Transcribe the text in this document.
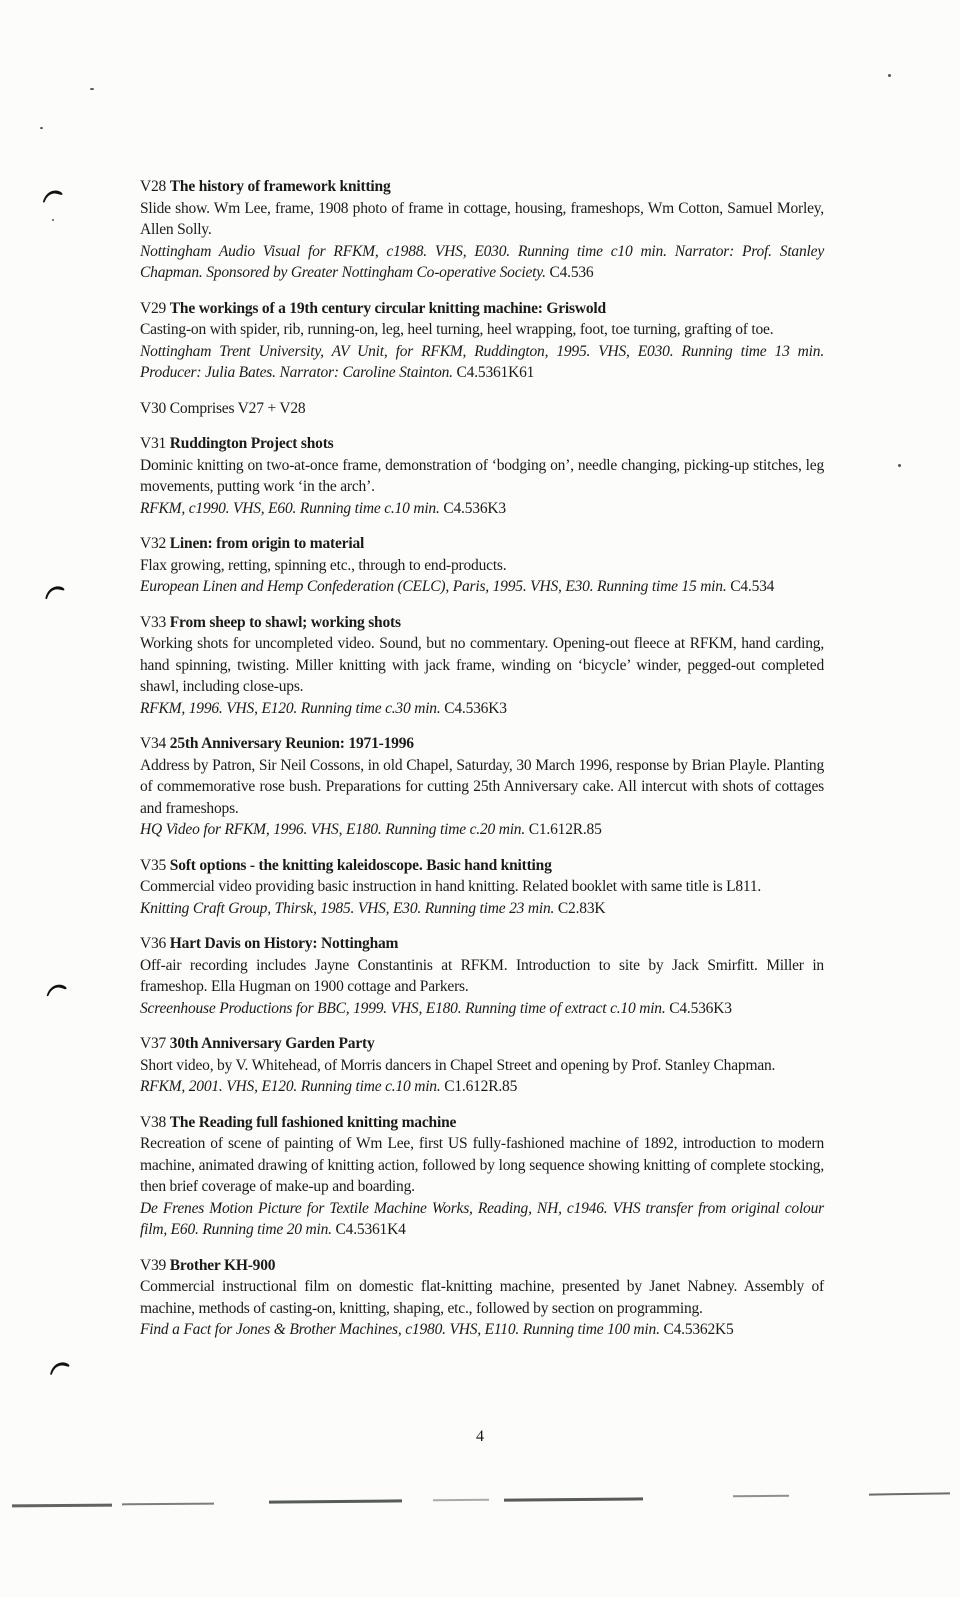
V28 The history of framework knitting
Slide show. Wm Lee, frame, 1908 photo of frame in cottage, housing, frameshops, Wm Cotton, Samuel Morley, Allen Solly.
Nottingham Audio Visual for RFKM, c1988. VHS, E030. Running time c10 min. Narrator: Prof. Stanley Chapman. Sponsored by Greater Nottingham Co-operative Society. C4.536
V29 The workings of a 19th century circular knitting machine: Griswold
Casting-on with spider, rib, running-on, leg, heel turning, heel wrapping, foot, toe turning, grafting of toe.
Nottingham Trent University, AV Unit, for RFKM, Ruddington, 1995. VHS, E030. Running time 13 min. Producer: Julia Bates. Narrator: Caroline Stainton. C4.5361K61
V30 Comprises V27 + V28
V31 Ruddington Project shots
Dominic knitting on two-at-once frame, demonstration of ‘bodging on’, needle changing, picking-up stitches, leg movements, putting work ‘in the arch’.
RFKM, c1990. VHS, E60. Running time c.10 min. C4.536K3
V32 Linen: from origin to material
Flax growing, retting, spinning etc., through to end-products.
European Linen and Hemp Confederation (CELC), Paris, 1995. VHS, E30. Running time 15 min. C4.534
V33 From sheep to shawl; working shots
Working shots for uncompleted video. Sound, but no commentary. Opening-out fleece at RFKM, hand carding, hand spinning, twisting. Miller knitting with jack frame, winding on ‘bicycle’ winder, pegged-out completed shawl, including close-ups.
RFKM, 1996. VHS, E120. Running time c.30 min. C4.536K3
V34 25th Anniversary Reunion: 1971-1996
Address by Patron, Sir Neil Cossons, in old Chapel, Saturday, 30 March 1996, response by Brian Playle. Planting of commemorative rose bush. Preparations for cutting 25th Anniversary cake. All intercut with shots of cottages and frameshops.
HQ Video for RFKM, 1996. VHS, E180. Running time c.20 min. C1.612R.85
V35 Soft options - the knitting kaleidoscope. Basic hand knitting
Commercial video providing basic instruction in hand knitting. Related booklet with same title is L811.
Knitting Craft Group, Thirsk, 1985. VHS, E30. Running time 23 min. C2.83K
V36 Hart Davis on History: Nottingham
Off-air recording includes Jayne Constantinis at RFKM. Introduction to site by Jack Smirfitt. Miller in frameshop. Ella Hugman on 1900 cottage and Parkers.
Screenhouse Productions for BBC, 1999. VHS, E180. Running time of extract c.10 min. C4.536K3
V37 30th Anniversary Garden Party
Short video, by V. Whitehead, of Morris dancers in Chapel Street and opening by Prof. Stanley Chapman.
RFKM, 2001. VHS, E120. Running time c.10 min. C1.612R.85
V38 The Reading full fashioned knitting machine
Recreation of scene of painting of Wm Lee, first US fully-fashioned machine of 1892, introduction to modern machine, animated drawing of knitting action, followed by long sequence showing knitting of complete stocking, then brief coverage of make-up and boarding.
De Frenes Motion Picture for Textile Machine Works, Reading, NH, c1946. VHS transfer from original colour film, E60. Running time 20 min. C4.5361K4
V39 Brother KH-900
Commercial instructional film on domestic flat-knitting machine, presented by Janet Nabney. Assembly of machine, methods of casting-on, knitting, shaping, etc., followed by section on programming.
Find a Fact for Jones & Brother Machines, c1980. VHS, E110. Running time 100 min. C4.5362K5
4
